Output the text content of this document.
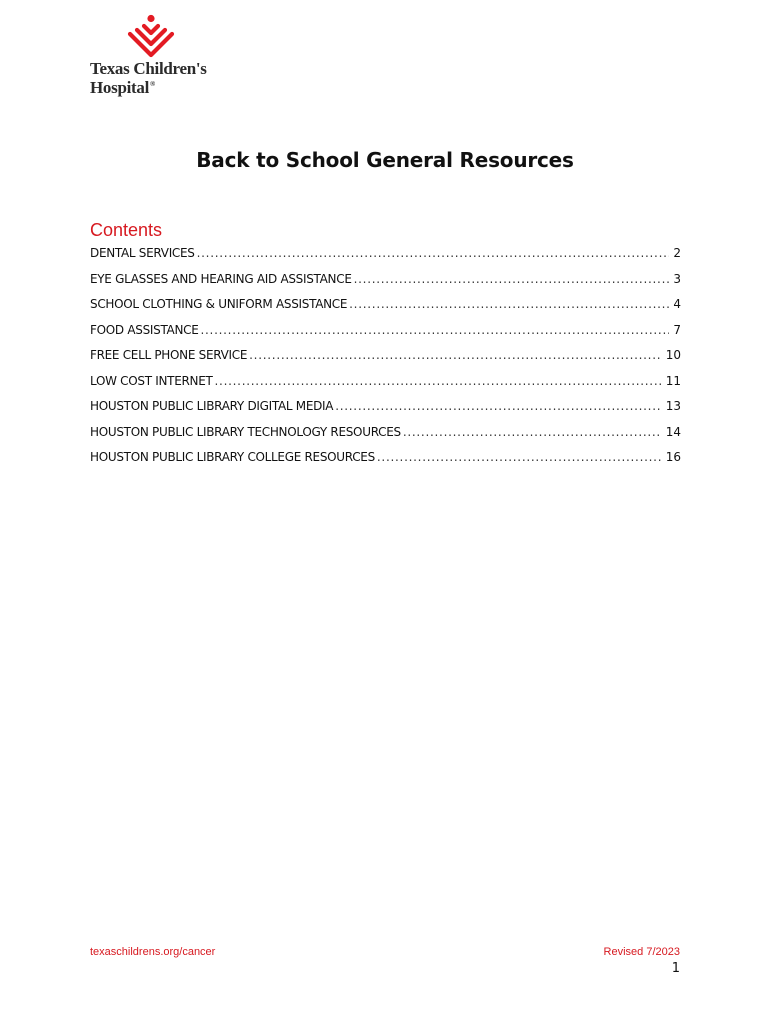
Texas Children's
Hospital®
Back to School General Resources
Contents
DENTAL SERVICES . . .	2
EYE GLASSES AND HEARING AID ASSISTANCE . . .	3
SCHOOL CLOTHING & UNIFORM ASSISTANCE . . .	4
FOOD ASSISTANCE . . .	7
FREE CELL PHONE SERVICE . . .	10
LOW COST INTERNET . . .	11
HOUSTON PUBLIC LIBRARY DIGITAL MEDIA . . .	13
HOUSTON PUBLIC LIBRARY TECHNOLOGY RESOURCES . . .	14
HOUSTON PUBLIC LIBRARY COLLEGE RESOURCES . . .	16
texaschildrens.org/cancer	Revised 7/2023
1
